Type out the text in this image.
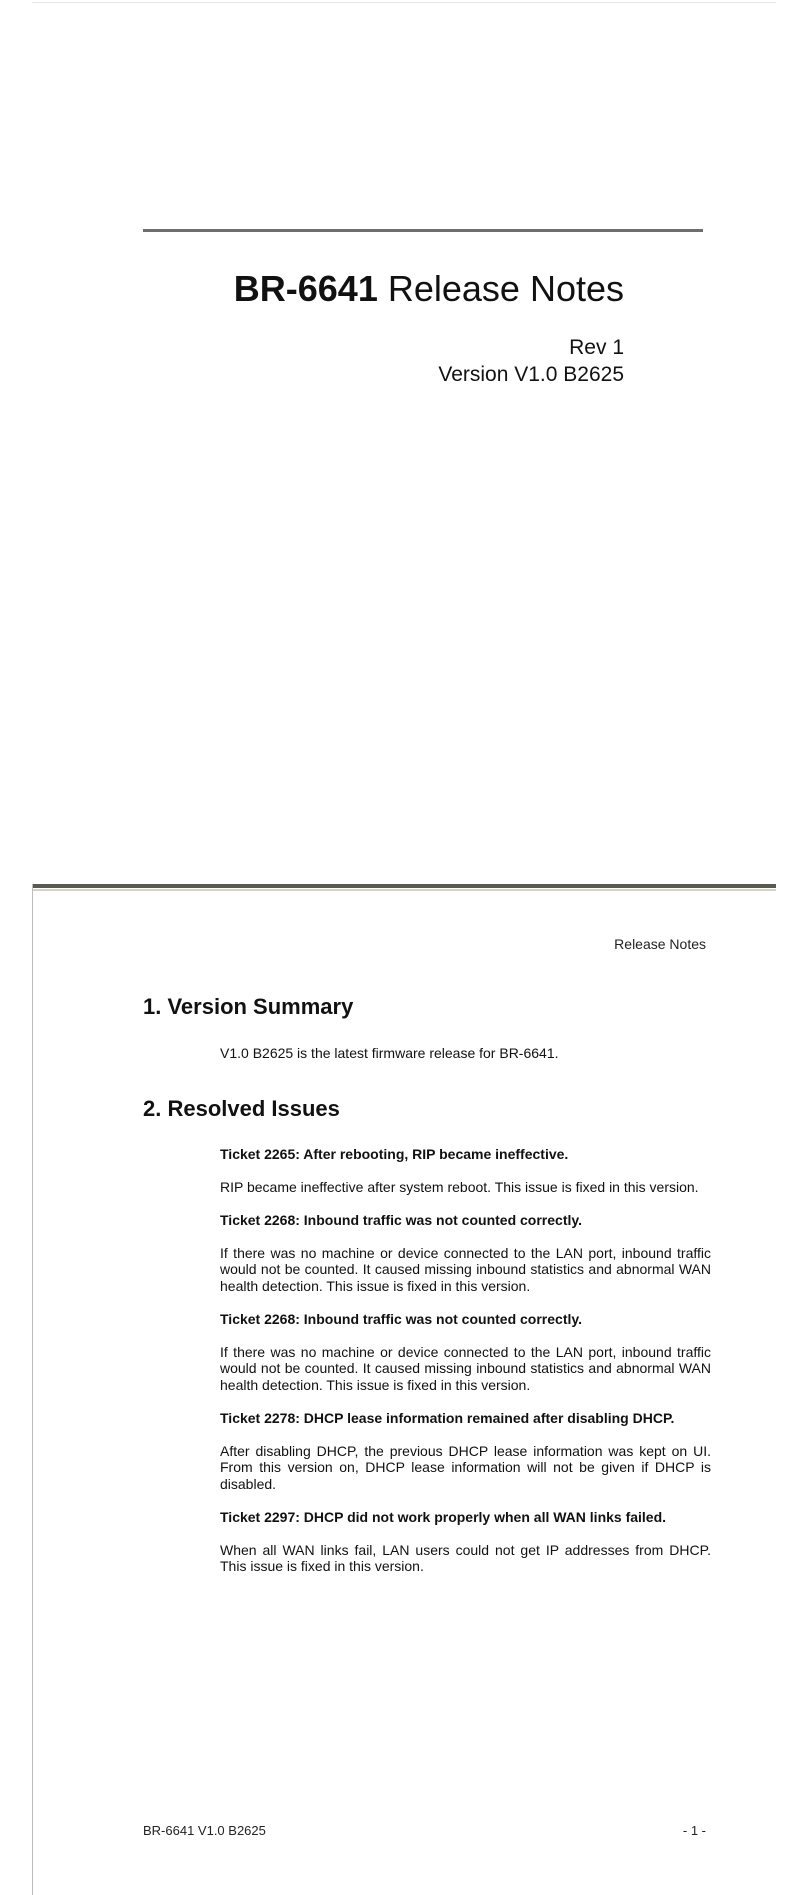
BR-6641 Release Notes
Rev 1
Version V1.0 B2625
Release Notes
1. Version Summary
V1.0 B2625 is the latest firmware release for BR-6641.
2. Resolved Issues
Ticket 2265: After rebooting, RIP became ineffective.
RIP became ineffective after system reboot. This issue is fixed in this version.
Ticket 2268: Inbound traffic was not counted correctly.
If there was no machine or device connected to the LAN port, inbound traffic would not be counted. It caused missing inbound statistics and abnormal WAN health detection. This issue is fixed in this version.
Ticket 2268: Inbound traffic was not counted correctly.
If there was no machine or device connected to the LAN port, inbound traffic would not be counted. It caused missing inbound statistics and abnormal WAN health detection. This issue is fixed in this version.
Ticket 2278: DHCP lease information remained after disabling DHCP.
After disabling DHCP, the previous DHCP lease information was kept on UI. From this version on, DHCP lease information will not be given if DHCP is disabled.
Ticket 2297: DHCP did not work properly when all WAN links failed.
When all WAN links fail, LAN users could not get IP addresses from DHCP. This issue is fixed in this version.
BR-6641 V1.0 B2625	- 1 -
